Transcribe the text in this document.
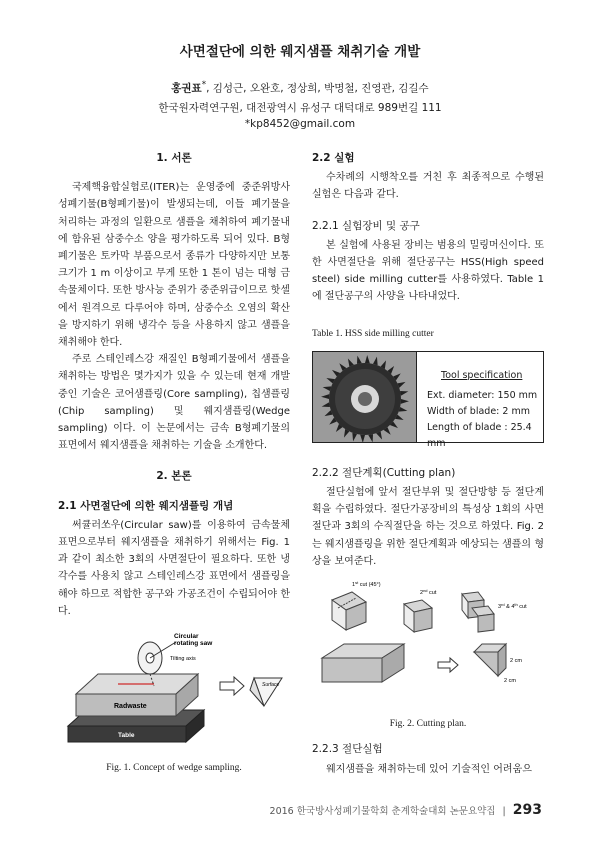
사면절단에 의한 웨지샘플 채취기술 개발
홍권표*, 김성근, 오완호, 정상희, 박명철, 진영관, 김길수
한국원자력연구원, 대전광역시 유성구 대덕대로 989번길 111
*kp8452@gmail.com
1. 서론

국제핵융합실험로(ITER)는 운영중에 중준위방사성폐기물(B형폐기물)이 발생되는데, 이들 폐기물을 처리하는 과정의 일환으로 샘플을 채취하여 폐기물내에 함유된 삼중수소 양을 평가하도록 되어 있다. B형폐기물은 토카막 부품으로서 종류가 다양하지만 보통 크기가 1 m 이상이고 무게 또한 1 톤이 넘는 대형 금속물체이다. 또한 방사능 준위가 중준위급이므로 핫셀에서 원격으로 다루어야 하며, 삼중수소 오염의 확산을 방지하기 위해 냉각수 등을 사용하지 않고 샘플을 채취해야 한다.

주로 스테인레스강 재질인 B형폐기물에서 샘플을 채취하는 방법은 몇가지가 있을 수 있는데 현재 개발중인 기술은 코어샘플링(Core sampling), 칩샘플링(Chip sampling) 및 웨지샘플링(Wedge sampling) 이다. 이 논문에서는 금속 B형폐기물의 표면에서 웨지샘플을 채취하는 기술을 소개한다.

2. 본론
2.1 사면절단에 의한 웨지샘플링 개념

써큘러쏘우(Circular saw)를 이용하여 금속물체 표면으로부터 웨지샘플을 채취하기 위해서는 Fig. 1과 같이 최소한 3회의 사면절단이 필요하다. 또한 냉각수를 사용치 않고 스테인레스강 표면에서 샘플링을 해야 하므로 적합한 공구와 가공조건이 수립되어야 한다.

Circular rotating saw
Tilting axis
Radwaste
Table
Surface
Fig. 1. Concept of wedge sampling.
2.2 실험

수차례의 시행착오를 거친 후 최종적으로 수행된 실험은 다음과 같다.

2.2.1 실험장비 및 공구

본 실험에 사용된 장비는 범용의 밀링머신이다. 또한 사면절단을 위해 절단공구는 HSS(High speed steel) side milling cutter를 사용하였다. Table 1에 절단공구의 사양을 나타내었다.

Table 1. HSS side milling cutter
Tool specification
Ext. diameter: 150 mm
Width of blade: 2 mm
Length of blade : 25.4 mm
2.2.2 절단계획(Cutting plan)

절단실험에 앞서 절단부위 및 절단방향 등 절단계획을 수립하였다. 절단가공장비의 특성상 1회의 사면절단과 3회의 수직절단을 하는 것으로 하였다. Fig. 2는 웨지샘플링을 위한 절단계획과 예상되는 샘플의 형상을 보여준다.

1st cut (45°)
2nd cut
3rd & 4th cut
2 cm
2 cm
Fig. 2. Cutting plan.
2.2.3 절단실험

웨지샘플을 채취하는데 있어 기술적인 어려움으

2016 한국방사성폐기물학회 춘계학술대회 논문요약집 | 293
